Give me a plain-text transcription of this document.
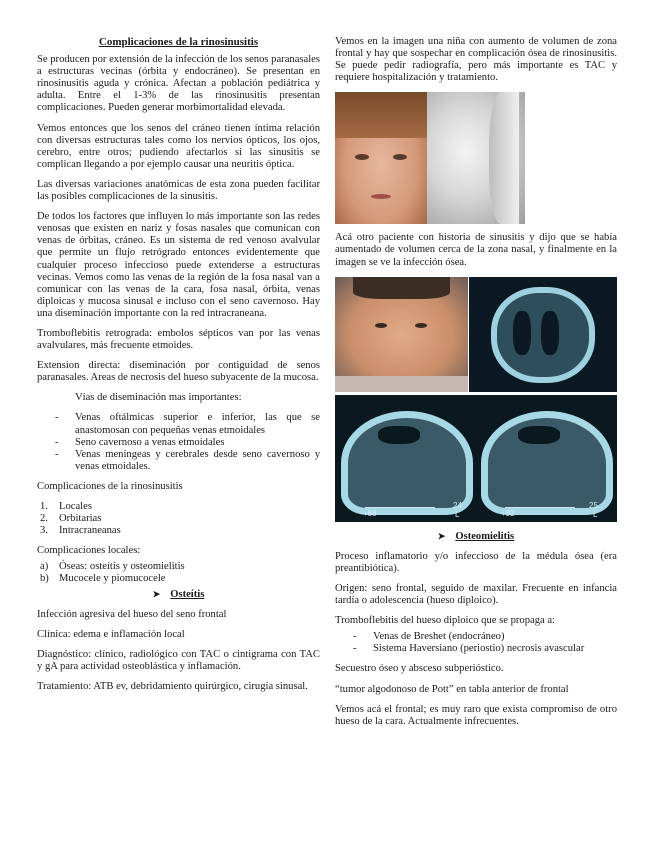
Complicaciones de la rinosinusitis

Se producen por extensión de la infección de los senos paranasales a estructuras vecinas (órbita y endocráneo). Se presentan en rinosinusitis aguda y crónica. Afectan a población pediátrica y adulta. Entre el 1-3% de las rinosinusitis presentan complicaciones. Pueden generar morbimortalidad elevada.

Vemos entonces que los senos del cráneo tienen íntima relación con diversas estructuras tales como los nervios ópticos, los ojos, cerebro, entre otros; pudiendo afectarlos si las sinusitis se complican llegando a por ejemplo causar una neuritis óptica.

Las diversas variaciones anatómicas de esta zona pueden facilitar las posibles complicaciones de la sinusitis.

De todos los factores que influyen lo más importante son las redes venosas que existen en nariz y fosas nasales que comunican con venas de órbitas, cráneo. Es un sistema de red venoso avalvular que permite un flujo retrógrado entonces evidentemente que cualquier proceso infeccioso puede extenderse a estructuras vecinas. Vemos como las venas de la región de la fosa nasal van a comunicar con las venas de la cara, fosa nasal, órbita, venas diploicas y mucosa sinusal e incluso con el seno cavernoso. Hay una diseminación importante con la red intracraneana.

Tromboflebitis retrograda: embolos sépticos van por las venas avalvulares, más frecuente etmoides.

Extension directa: diseminación por contiguidad de senos paranasales. Areas de necrosis del hueso subyacente de la mucosa.

Vías de diseminación mas importantes:
- Venas oftálmicas superior e inferior, las que se anastomosan con pequeñas venas etmoidales
- Seno cavernoso a venas etmoidales
- Venas meníngeas y cerebrales desde seno cavernoso y venas etmoidales.

Complicaciones de la rinosinusitis

1. Locales
2. Orbitarias
3. Intracraneanas

Complicaciones locales:

a) Óseas: osteítis y osteomielitis
b) Mucocele y piomucocele
➤ Osteítis

Infección agresiva del hueso del seno frontal

Clínica: edema e inflamación local

Diagnóstico: clínico, radiológico con TAC o cintigrama con TAC y gA para actividad osteoblástica y inflamación.

Tratamiento: ATB ev, debridamiento quirúrgico, cirugía sinusal.

Vemos en la imagen una niña con aumento de volumen de zona frontal y hay que sospechar en complicación ósea de rinosinusitis. Se puede pedir radiografía, pero más importante es TAC y requiere hospitalización y tratamiento.

Acá otro paciente con historia de sinusitis y dijo que se había aumentado de volumen cerca de la zona nasal, y finalmente en la imagen se ve la infección ósea.

+88
24
+92
25
L	L
➤ Osteomielitis

Proceso inflamatorio y/o infeccioso de la médula ósea (era preantibiótica).

Origen: seno frontal, seguido de maxilar. Frecuente en infancia tardía o adolescencia (hueso diploico).

Tromboflebitis del hueso diploico que se propaga a:

- Venas de Breshet (endocráneo)
- Sistema Haversiano (periostio) necrosis avascular

Secuestro óseo y absceso subperióstico.

“tumor algodonoso de Pott” en tabla anterior de frontal

Vemos acá el frontal; es muy raro que exista compromiso de otro hueso de la cara. Actualmente infrecuentes.
